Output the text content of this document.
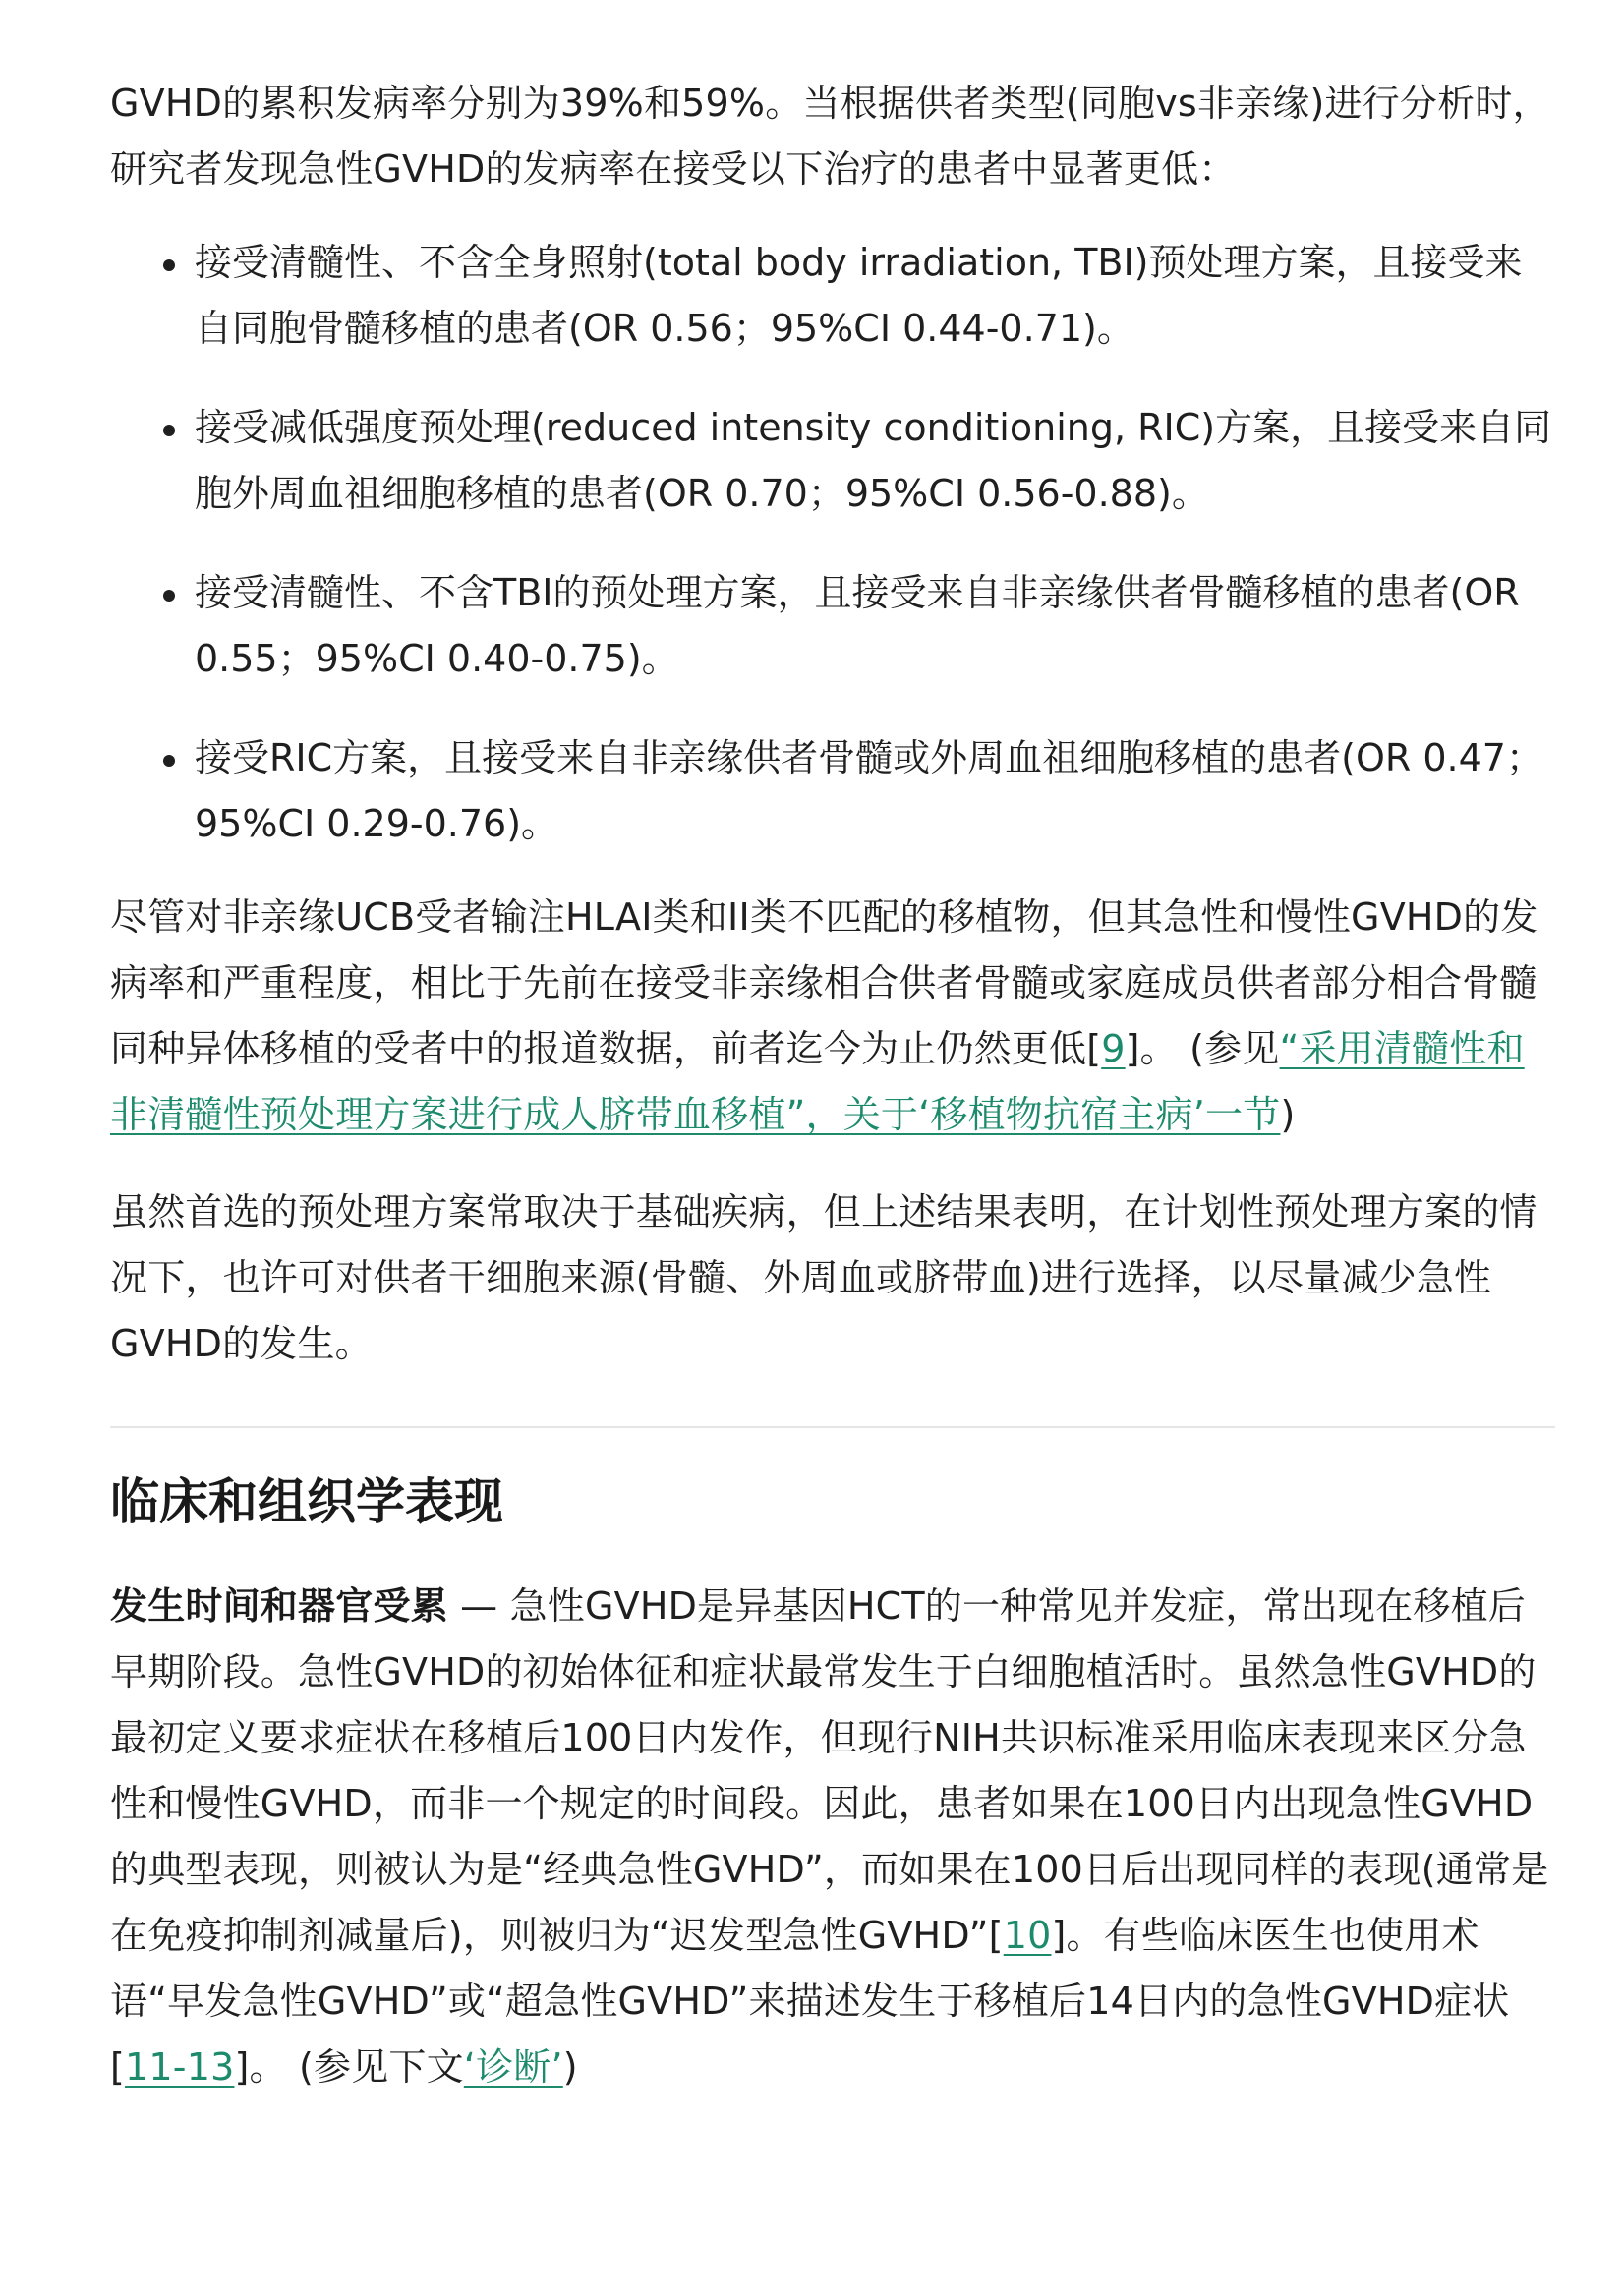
GVHD的累积发病率分别为39%和59%。当根据供者类型(同胞vs非亲缘)进行分析时，研究者发现急性GVHD的发病率在接受以下治疗的患者中显著更低：

接受清髓性、不含全身照射(total body irradiation, TBI)预处理方案，且接受来自同胞骨髓移植的患者(OR 0.56；95%CI 0.44-0.71)。
接受减低强度预处理(reduced intensity conditioning, RIC)方案，且接受来自同胞外周血祖细胞移植的患者(OR 0.70；95%CI 0.56-0.88)。
接受清髓性、不含TBI的预处理方案，且接受来自非亲缘供者骨髓移植的患者(OR 0.55；95%CI 0.40-0.75)。
接受RIC方案，且接受来自非亲缘供者骨髓或外周血祖细胞移植的患者(OR 0.47；95%CI 0.29-0.76)。

尽管对非亲缘UCB受者输注HLAI类和II类不匹配的移植物，但其急性和慢性GVHD的发病率和严重程度，相比于先前在接受非亲缘相合供者骨髓或家庭成员供者部分相合骨髓同种异体移植的受者中的报道数据，前者迄今为止仍然更低[9]。 (参见“采用清髓性和非清髓性预处理方案进行成人脐带血移植”，关于‘移植物抗宿主病’一节)

虽然首选的预处理方案常取决于基础疾病，但上述结果表明，在计划性预处理方案的情况下，也许可对供者干细胞来源(骨髓、外周血或脐带血)进行选择，以尽量减少急性GVHD的发生。

临床和组织学表现

发生时间和器官受累 — 急性GVHD是异基因HCT的一种常见并发症，常出现在移植后早期阶段。急性GVHD的初始体征和症状最常发生于白细胞植活时。虽然急性GVHD的最初定义要求症状在移植后100日内发作，但现行NIH共识标准采用临床表现来区分急性和慢性GVHD，而非一个规定的时间段。因此，患者如果在100日内出现急性GVHD的典型表现，则被认为是“经典急性GVHD”，而如果在100日后出现同样的表现(通常是在免疫抑制剂减量后)，则被归为“迟发型急性GVHD”[10]。有些临床医生也使用术语“早发急性GVHD”或“超急性GVHD”来描述发生于移植后14日内的急性GVHD症状[11-13]。 (参见下文‘诊断’)
